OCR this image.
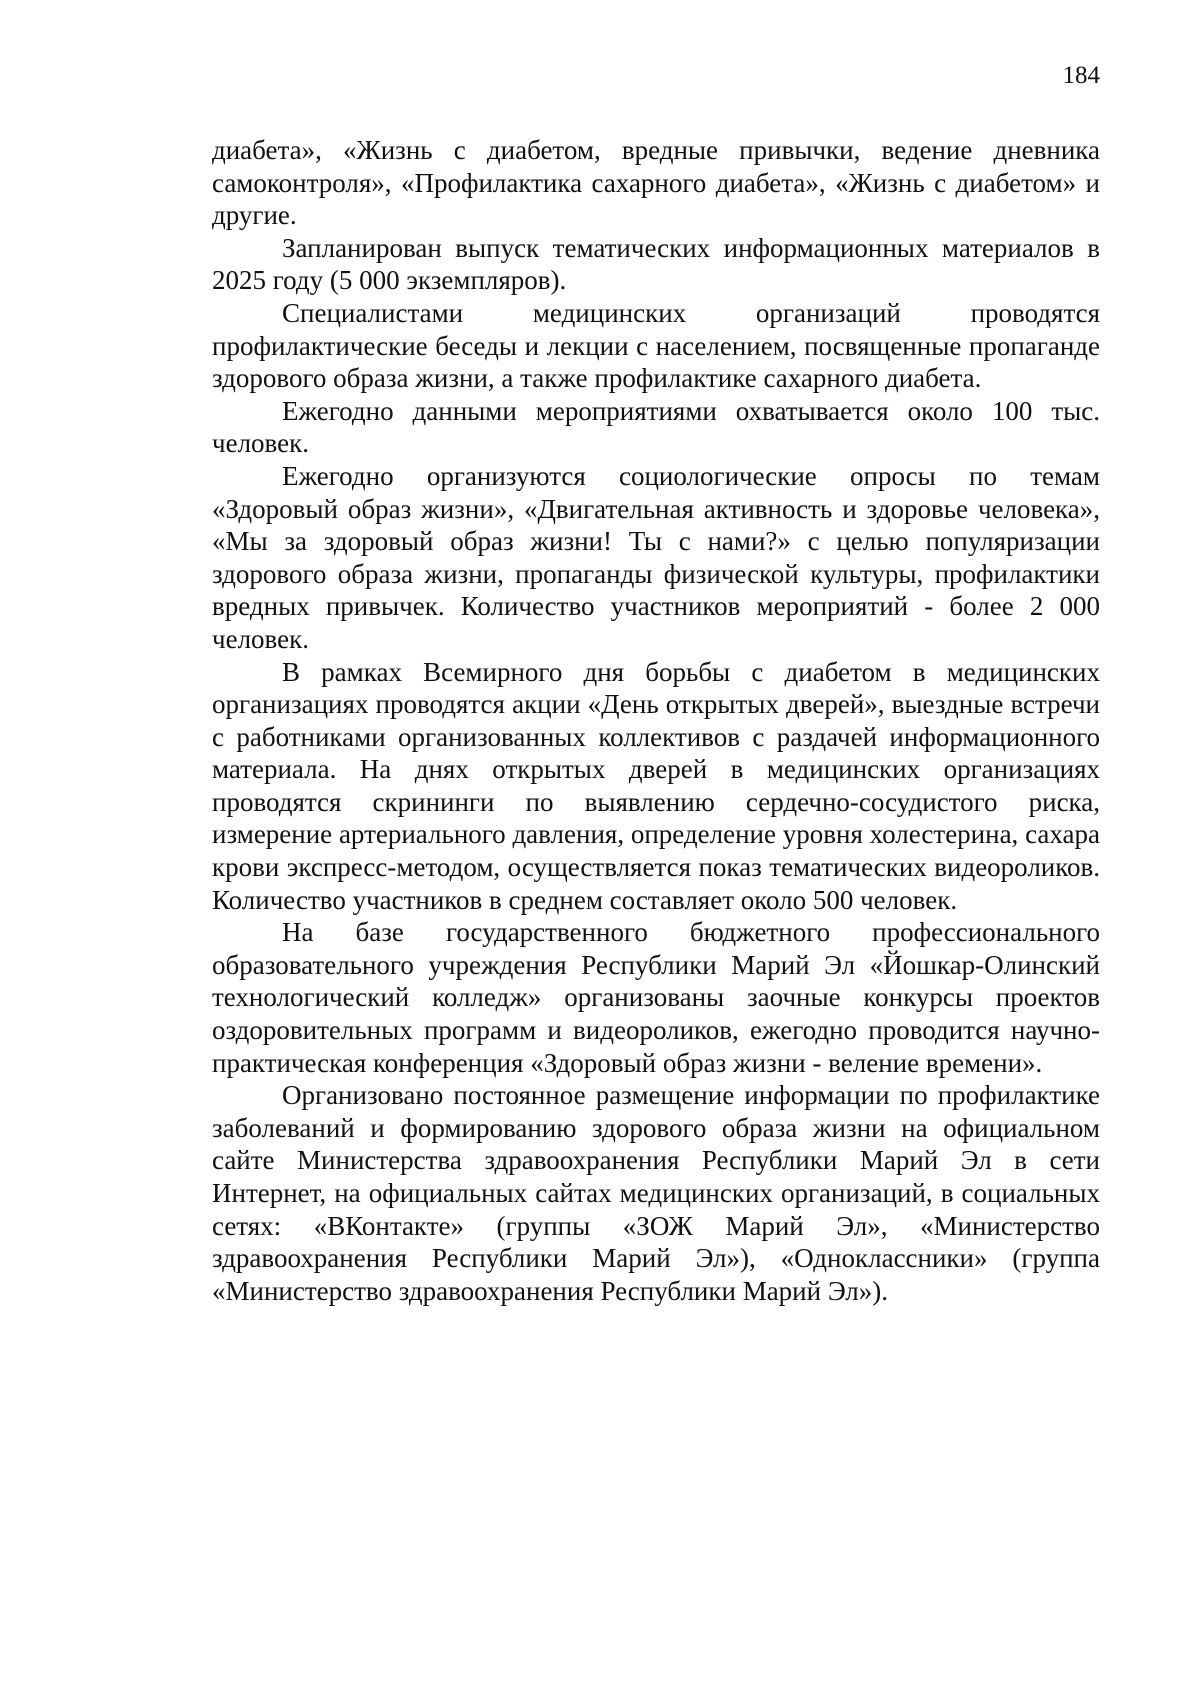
184

диабета», «Жизнь с диабетом, вредные привычки, ведение дневника самоконтроля», «Профилактика сахарного диабета», «Жизнь с диабетом» и другие.

Запланирован выпуск тематических информационных материалов в 2025 году (5 000 экземпляров).

Специалистами медицинских организаций проводятся профилактические беседы и лекции с населением, посвященные пропаганде здорового образа жизни, а также профилактике сахарного диабета.

Ежегодно данными мероприятиями охватывается около 100 тыс. человек.

Ежегодно организуются социологические опросы по темам «Здоровый образ жизни», «Двигательная активность и здоровье человека», «Мы за здоровый образ жизни! Ты с нами?» с целью популяризации здорового образа жизни, пропаганды физической культуры, профилактики вредных привычек. Количество участников мероприятий - более 2 000 человек.

В рамках Всемирного дня борьбы с диабетом в медицинских организациях проводятся акции «День открытых дверей», выездные встречи с работниками организованных коллективов с раздачей информационного материала. На днях открытых дверей в медицинских организациях проводятся скрининги по выявлению сердечно-сосудистого риска, измерение артериального давления, определение уровня холестерина, сахара крови экспресс-методом, осуществляется показ тематических видеороликов. Количество участников в среднем составляет около 500 человек.

На базе государственного бюджетного профессионального образовательного учреждения Республики Марий Эл «Йошкар-Олинский технологический колледж» организованы заочные конкурсы проектов оздоровительных программ и видеороликов, ежегодно проводится научно-практическая конференция «Здоровый образ жизни - веление времени».

Организовано постоянное размещение информации по профилактике заболеваний и формированию здорового образа жизни на официальном сайте Министерства здравоохранения Республики Марий Эл в сети Интернет, на официальных сайтах медицинских организаций, в социальных сетях: «ВКонтакте» (группы «ЗОЖ Марий Эл», «Министерство здравоохранения Республики Марий Эл»), «Одноклассники» (группа «Министерство здравоохранения Республики Марий Эл»).
